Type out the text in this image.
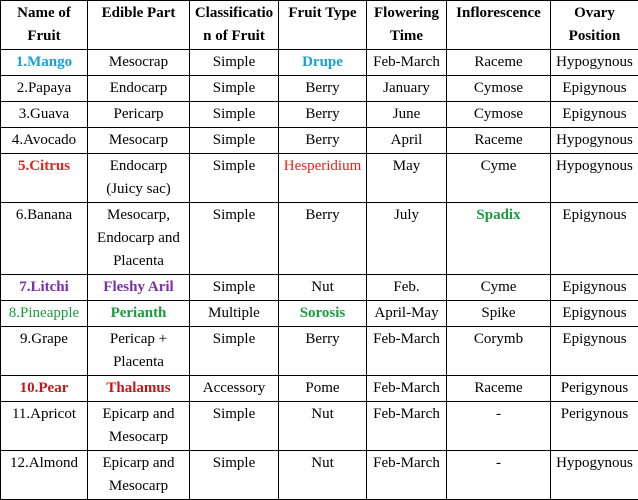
Name of Fruit	Edible Part	Classification of Fruit	Fruit Type	Flowering Time	Inflorescence	Ovary Position
1.Mango	Mesocrap	Simple	Drupe	Feb-March	Raceme	Hypogynous
2.Papaya	Endocarp	Simple	Berry	January	Cymose	Epigynous
3.Guava	Pericarp	Simple	Berry	June	Cymose	Epigynous
4.Avocado	Mesocarp	Simple	Berry	April	Raceme	Hypogynous
5.Citrus	Endocarp (Juicy sac)	Simple	Hesperidium	May	Cyme	Hypogynous
6.Banana	Mesocarp, Endocarp and Placenta	Simple	Berry	July	Spadix	Epigynous
7.Litchi	Fleshy Aril	Simple	Nut	Feb.	Cyme	Epigynous
8.Pineapple	Perianth	Multiple	Sorosis	April-May	Spike	Epigynous
9.Grape	Pericap + Placenta	Simple	Berry	Feb-March	Corymb	Epigynous
10.Pear	Thalamus	Accessory	Pome	Feb-March	Raceme	Perigynous
11.Apricot	Epicarp and Mesocarp	Simple	Nut	Feb-March	-	Perigynous
12.Almond	Epicarp and Mesocarp	Simple	Nut	Feb-March	-	Hypogynous
